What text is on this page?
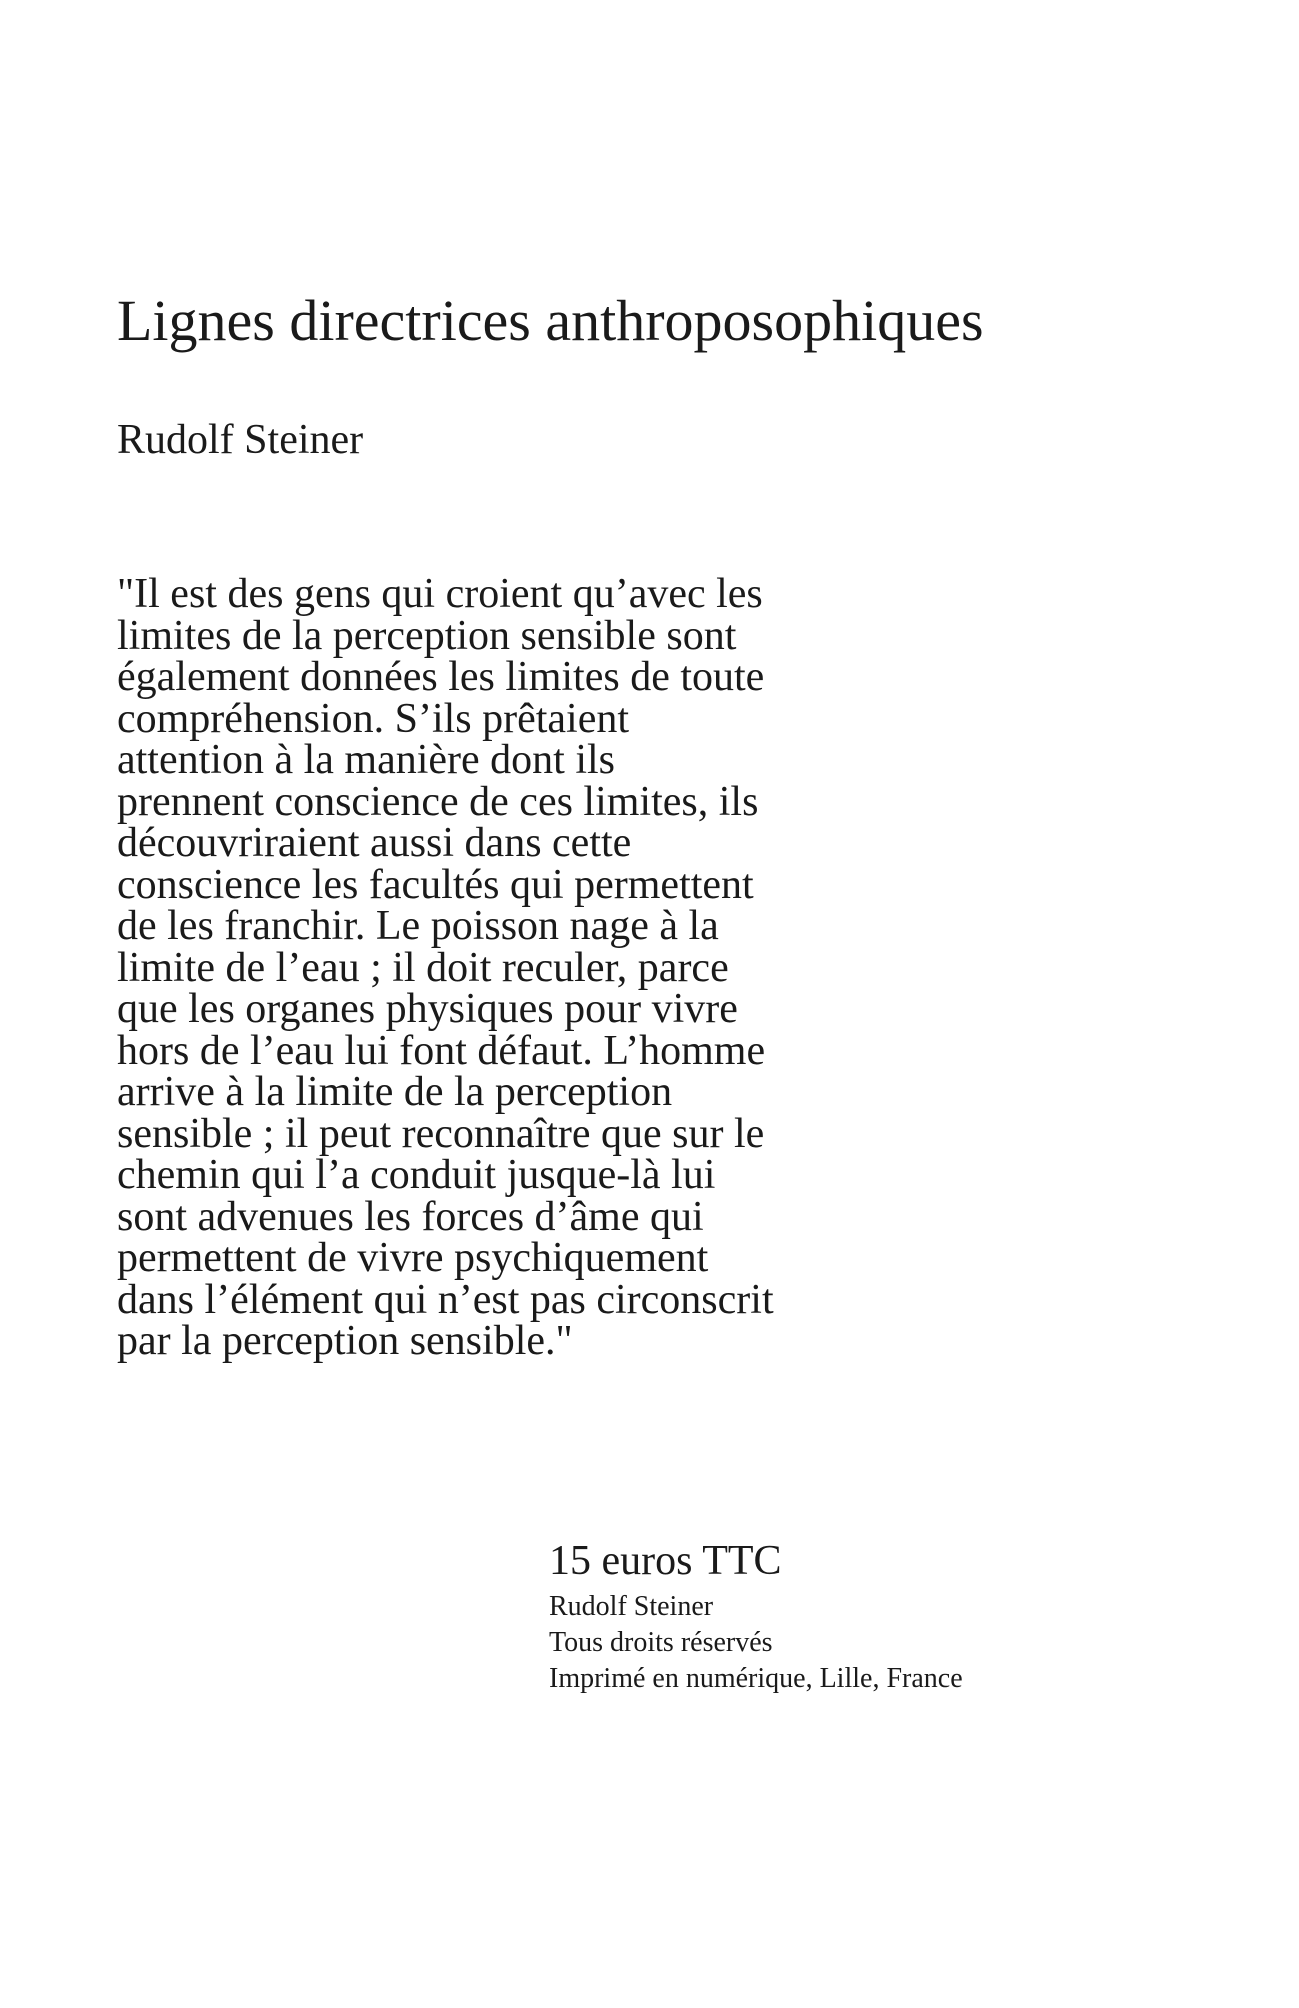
Lignes directrices anthroposophiques
Rudolf Steiner
"Il est des gens qui croient qu’avec les
limites de la perception sensible sont
également données les limites de toute
compréhension. S’ils prêtaient
attention à la manière dont ils
prennent conscience de ces limites, ils
découvriraient aussi dans cette
conscience les facultés qui permettent
de les franchir. Le poisson nage à la
limite de l’eau ; il doit reculer, parce
que les organes physiques pour vivre
hors de l’eau lui font défaut. L’homme
arrive à la limite de la perception
sensible ; il peut reconnaître que sur le
chemin qui l’a conduit jusque-là lui
sont advenues les forces d’âme qui
permettent de vivre psychiquement
dans l’élément qui n’est pas circonscrit
par la perception sensible."
15 euros TTC
Rudolf Steiner
Tous droits réservés
Imprimé en numérique, Lille, France
